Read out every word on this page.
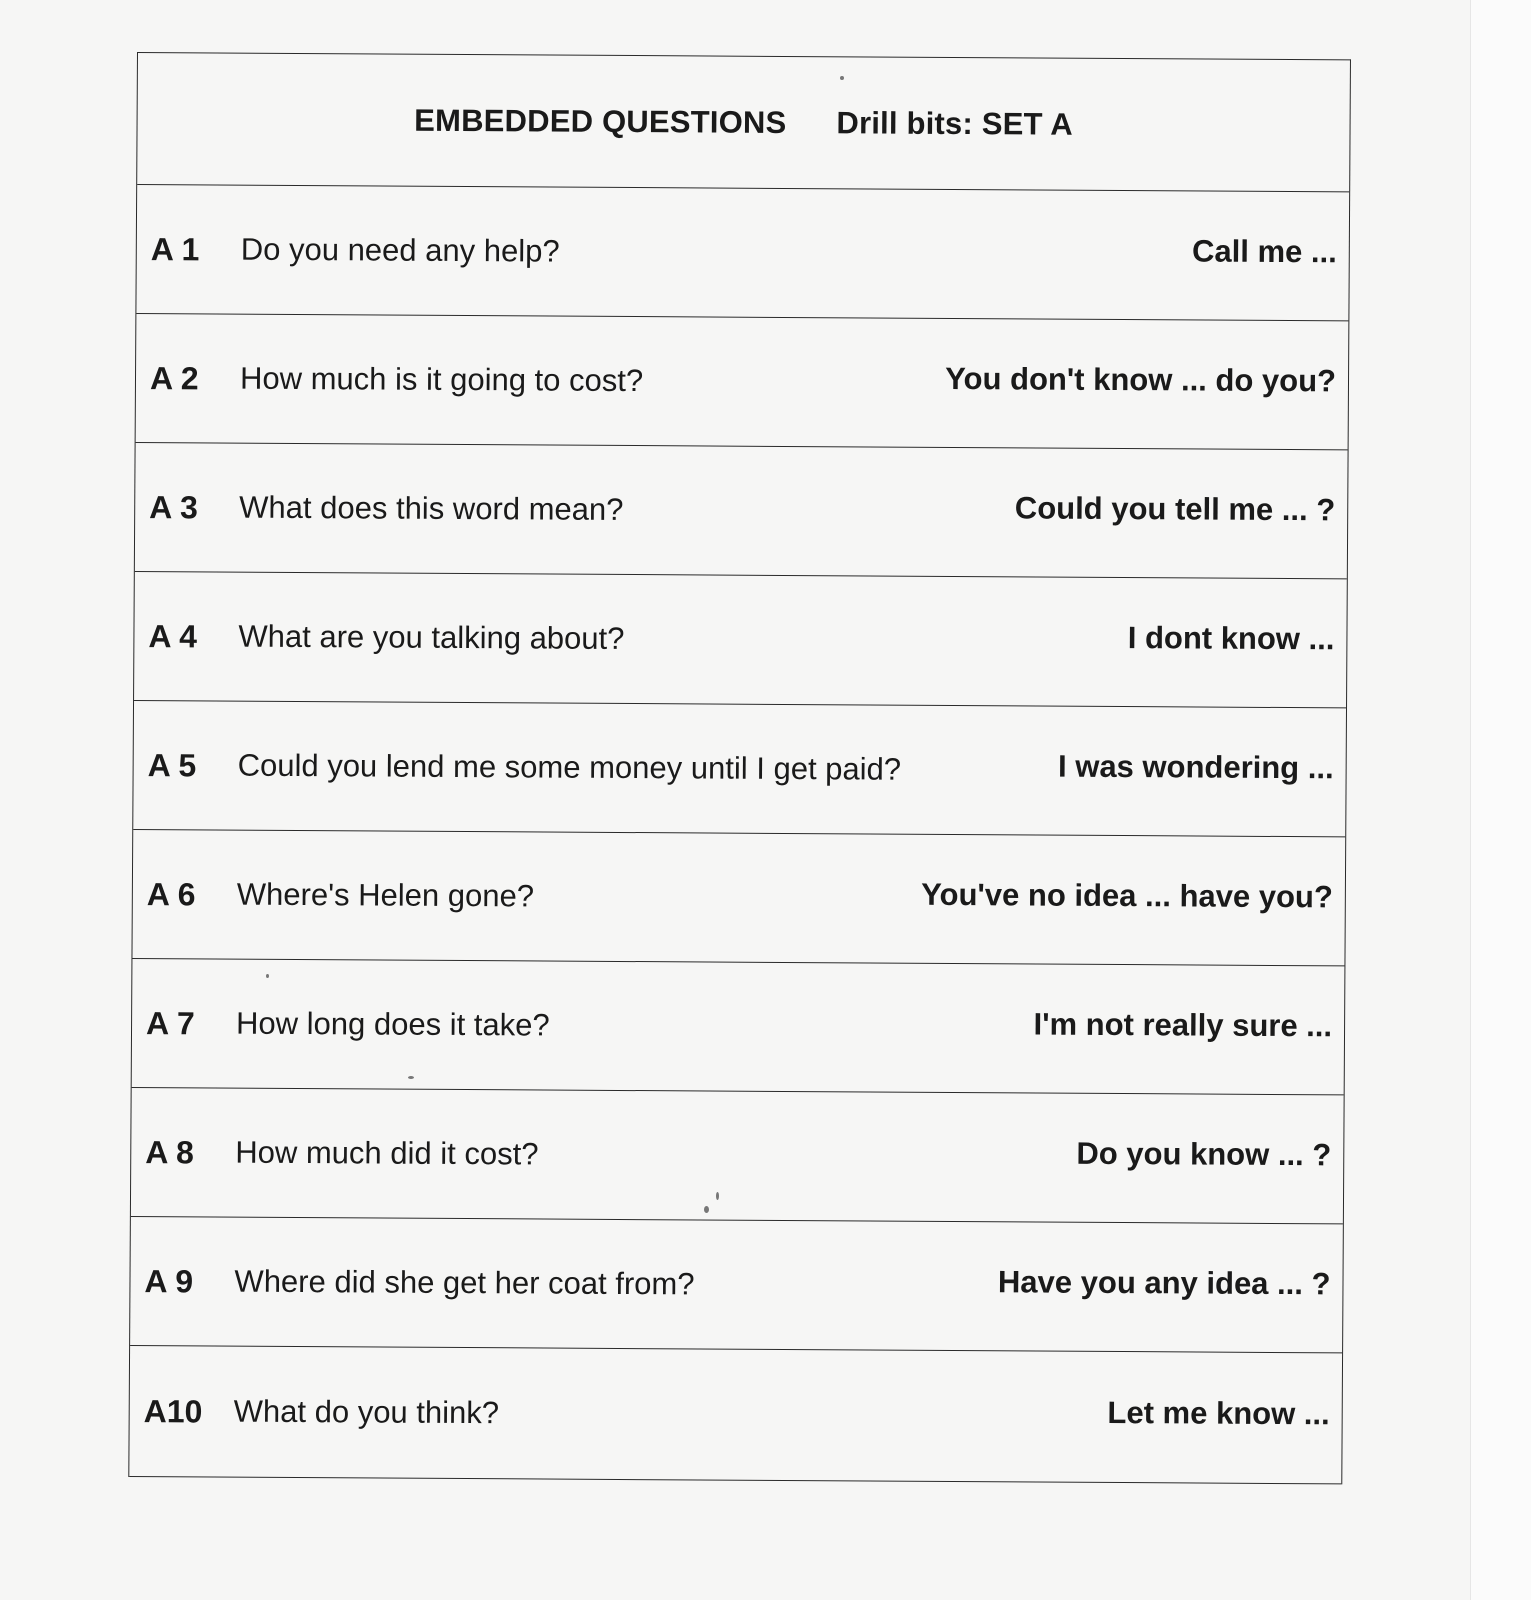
EMBEDDED QUESTIONS Drill bits: SET A
A 1	Do you need any help?	Call me ...
A 2	How much is it going to cost?	You don't know ... do you?
A 3	What does this word mean?	Could you tell me ... ?
A 4	What are you talking about?	I dont know ...
A 5	Could you lend me some money until I get paid?	I was wondering ...
A 6	Where's Helen gone?	You've no idea ... have you?
A 7	How long does it take?	I'm not really sure ...
A 8	How much did it cost?	Do you know ... ?
A 9	Where did she get her coat from?	Have you any idea ... ?
A10	What do you think?	Let me know ...
